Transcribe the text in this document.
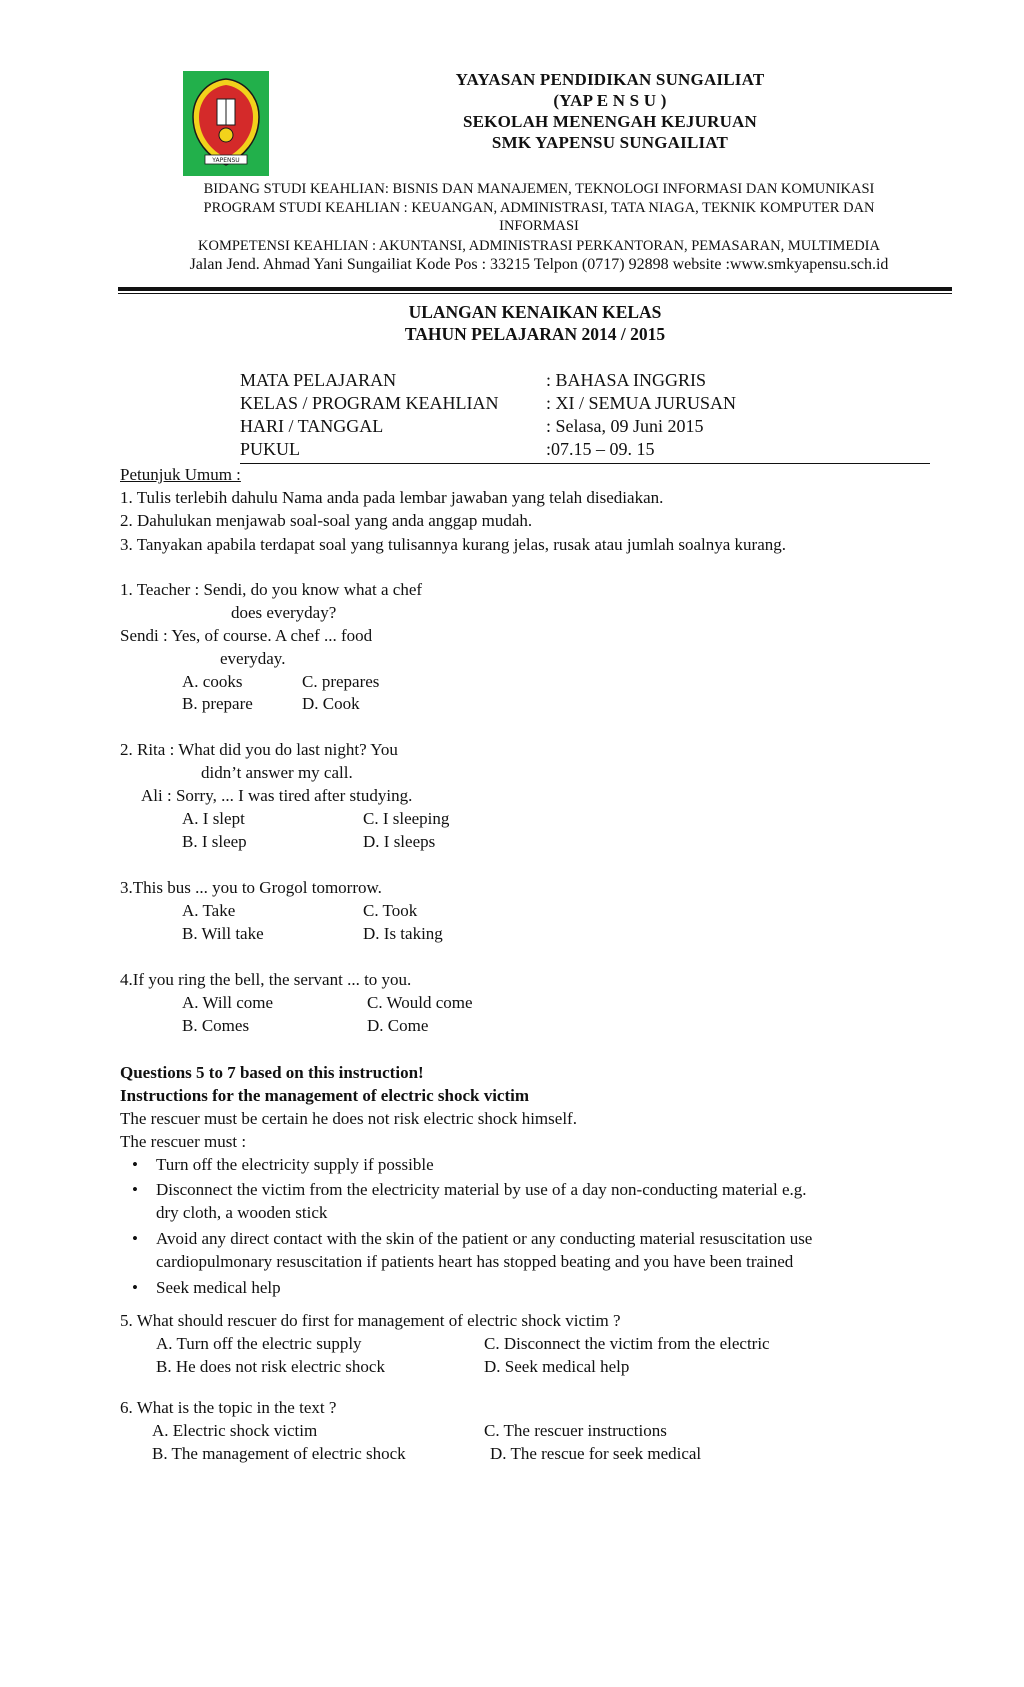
YAPENSU
YAYASAN PENDIDIKAN SUNGAILIAT
(YAP E N S U )
SEKOLAH MENENGAH KEJURUAN
SMK YAPENSU SUNGAILIAT
BIDANG STUDI KEAHLIAN: BISNIS DAN MANAJEMEN, TEKNOLOGI INFORMASI DAN KOMUNIKASI
PROGRAM STUDI KEAHLIAN : KEUANGAN, ADMINISTRASI, TATA NIAGA, TEKNIK KOMPUTER DAN
INFORMASI
KOMPETENSI KEAHLIAN : AKUNTANSI, ADMINISTRASI PERKANTORAN, PEMASARAN, MULTIMEDIA
Jalan Jend. Ahmad Yani Sungailiat Kode Pos : 33215 Telpon (0717) 92898 website :www.smkyapensu.sch.id
ULANGAN KENAIKAN KELAS
TAHUN PELAJARAN 2014 / 2015
MATA PELAJARAN	: BAHASA INGGRIS
KELAS / PROGRAM KEAHLIAN	: XI / SEMUA JURUSAN
HARI / TANGGAL	: Selasa, 09 Juni 2015
PUKUL	:07.15 – 09. 15
Petunjuk Umum :
1. Tulis terlebih dahulu Nama anda pada lembar jawaban yang telah disediakan.
2. Dahulukan menjawab soal-soal yang anda anggap mudah.
3. Tanyakan apabila terdapat soal yang tulisannya kurang jelas, rusak atau jumlah soalnya kurang.
1. Teacher : Sendi, do you know what a chef
does everyday?
Sendi : Yes, of course. A chef ... food
everyday.
A. cooks	C. prepares
B. prepare	D. Cook
2. Rita : What did you do last night? You
didn’t answer my call.
Ali : Sorry, ... I was tired after studying.
A. I slept	C. I sleeping
B. I sleep	D. I sleeps
3.This bus ... you to Grogol tomorrow.
A. Take	C. Took
B. Will take	D. Is taking
4.If you ring the bell, the servant ... to you.
A. Will come	C. Would come
B. Comes	D. Come
Questions 5 to 7 based on this instruction!
Instructions for the management of electric shock victim
The rescuer must be certain he does not risk electric shock himself.
The rescuer must :
• Turn off the electricity supply if possible
• Disconnect the victim from the electricity material by use of a day non-conducting material e.g.
dry cloth, a wooden stick
• Avoid any direct contact with the skin of the patient or any conducting material resuscitation use
cardiopulmonary resuscitation if patients heart has stopped beating and you have been trained
• Seek medical help
5. What should rescuer do first for management of electric shock victim ?
A. Turn off the electric supply	C. Disconnect the victim from the electric
B. He does not risk electric shock	D. Seek medical help
6. What is the topic in the text ?
A. Electric shock victim	C. The rescuer instructions
B. The management of electric shock	D. The rescue for seek medical
